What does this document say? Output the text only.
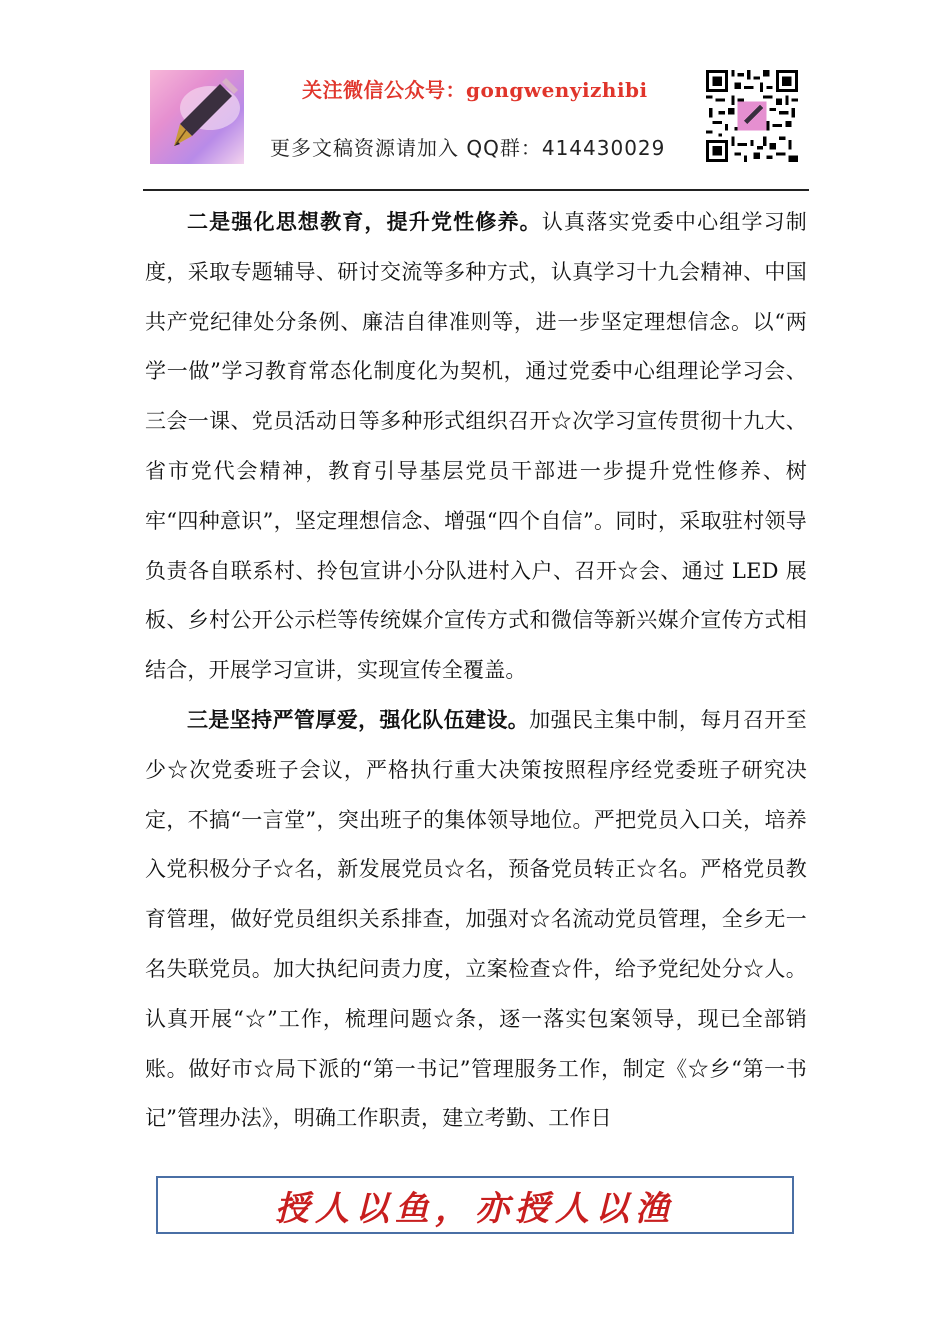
关注微信公众号：gongwenyizhibi
更多文稿资源请加入 QQ群：414430029

二是强化思想教育，提升党性修养。认真落实党委中心组学习制度，采取专题辅导、研讨交流等多种方式，认真学习十九会精神、中国共产党纪律处分条例、廉洁自律准则等，进一步坚定理想信念。以“两学一做”学习教育常态化制度化为契机，通过党委中心组理论学习会、三会一课、党员活动日等多种形式组织召开☆次学习宣传贯彻十九大、省市党代会精神，教育引导基层党员干部进一步提升党性修养、树牢“四种意识”，坚定理想信念、增强“四个自信”。同时，采取驻村领导负责各自联系村、拎包宣讲小分队进村入户、召开☆会、通过 LED 展板、乡村公开公示栏等传统媒介宣传方式和微信等新兴媒介宣传方式相结合，开展学习宣讲，实现宣传全覆盖。

三是坚持严管厚爱，强化队伍建设。加强民主集中制，每月召开至少☆次党委班子会议，严格执行重大决策按照程序经党委班子研究决定，不搞“一言堂”，突出班子的集体领导地位。严把党员入口关，培养入党积极分子☆名，新发展党员☆名，预备党员转正☆名。严格党员教育管理，做好党员组织关系排查，加强对☆名流动党员管理，全乡无一名失联党员。加大执纪问责力度，立案检查☆件，给予党纪处分☆人。认真开展“☆”工作，梳理问题☆条，逐一落实包案领导，现已全部销账。做好市☆局下派的“第一书记”管理服务工作，制定《☆乡“第一书记”管理办法》，明确工作职责，建立考勤、工作日

授人以鱼，亦授人以渔
